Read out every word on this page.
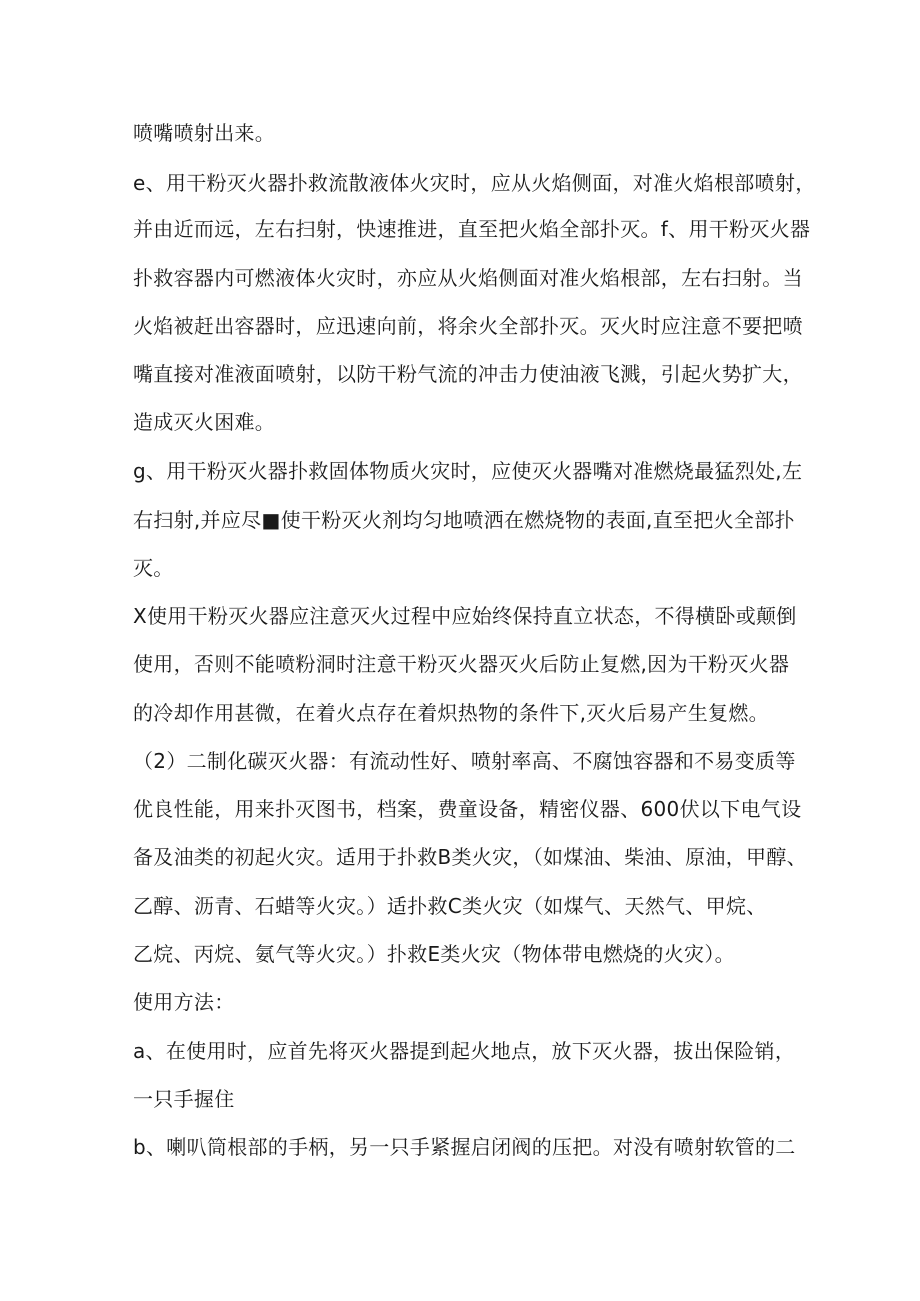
喷嘴喷射出来。
e、用干粉灭火器扑救流散液体火灾时，应从火焰侧面，对准火焰根部喷射，
并由近而远，左右扫射，快速推进，直至把火焰全部扑灭。f、用干粉灭火器
扑救容器内可燃液体火灾时，亦应从火焰侧面对准火焰根部，左右扫射。当
火焰被赶出容器时，应迅速向前，将余火全部扑灭。灭火时应注意不要把喷
嘴直接对准液面喷射，以防干粉气流的冲击力使油液飞溅，引起火势扩大，
造成灭火困难。
g、用干粉灭火器扑救固体物质火灾时，应使灭火器嘴对准燃烧最猛烈处,左
右扫射,并应尽■使干粉灭火剂均匀地喷洒在燃烧物的表面,直至把火全部扑
灭。
X使用干粉灭火器应注意灭火过程中应始终保持直立状态，不得横卧或颠倒
使用，否则不能喷粉洞时注意干粉灭火器灭火后防止复燃,因为干粉灭火器
的冷却作用甚微，在着火点存在着炽热物的条件下,灭火后易产生复燃。
（2）二制化碳灭火器：有流动性好、喷射率高、不腐蚀容器和不易变质等
优良性能，用来扑灭图书，档案，费童设备，精密仪器、600伏以下电气设
备及油类的初起火灾。适用于扑救B类火灾，（如煤油、柴油、原油，甲醇、
乙醇、沥青、石蜡等火灾。）适扑救C类火灾（如煤气、天然气、甲烷、
乙烷、丙烷、氨气等火灾。）扑救E类火灾（物体带电燃烧的火灾）。
使用方法：
a、在使用时，应首先将灭火器提到起火地点，放下灭火器，拔出保险销，
一只手握住
b、喇叭筒根部的手柄，另一只手紧握启闭阀的压把。对没有喷射软管的二
